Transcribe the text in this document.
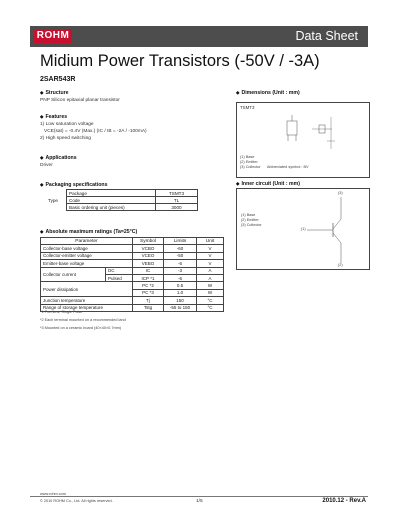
ROHM	Data Sheet
Midium Power Transistors (-50V / -3A)
2SAR543R
◆ Structure
PNP Silicon epitaxial planar transistor
◆ Features
1) Low saturation voltage
VCE(sat) = -0.4V (Max.) (IC / IB = -2A / -100mA)
2) High speed switching
◆ Applications
Driver
◆ Packaging specifications
Type	Package	TSMT3
	Code	TL
	Basic ordering unit (pieces)	3000
◆ Dimensions (Unit : mm)
TSMT3
(1) Base
(2) Emitter
(3) Collector Abbreviated symbol : BV
◆ Inner circuit (Unit : mm)
(3)
(1)
(2)
(1) Base
(2) Emitter
(3) Collector
◆ Absolute maximum ratings (Ta=25°C)
Parameter		Symbol	Limits	Unit
Collector-base voltage		VCBO	-60	V
Collector-emitter voltage		VCEO	-50	V
Emitter-base voltage		VEBO	-6	V
Collector current	DC	IC	-3	A
	Pulsed	ICP *1	-6	A
Power dissipation		PC *2	0.5	W
		PC *3	1.0	W
Junction temperature		Tj	150	°C
Range of storage temperature		Tstg	-55 to 150	°C
*1 Pw=1ms, Single Pulse
*2 Each terminal mounted on a recommended land
*3 Mounted on a ceramic board (40×40×0.7mm)
www.rohm.com
© 2010 ROHM Co., Ltd. All rights reserved.	1/5	2010.12 - Rev.A
